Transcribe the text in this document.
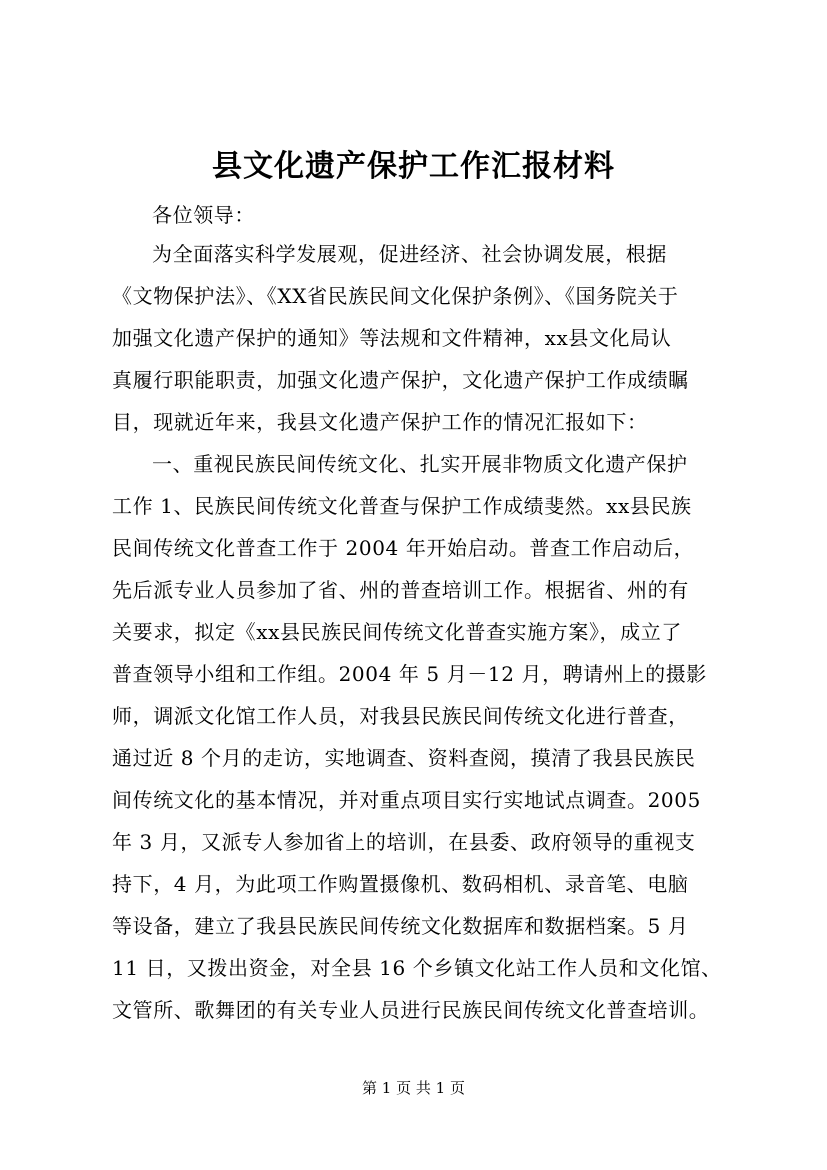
县文化遗产保护工作汇报材料
各位领导：
为全面落实科学发展观，促进经济、社会协调发展，根据
《文物保护法》、《XX省民族民间文化保护条例》、《国务院关于
加强文化遗产保护的通知》等法规和文件精神，xx县文化局认
真履行职能职责，加强文化遗产保护，文化遗产保护工作成绩瞩
目，现就近年来，我县文化遗产保护工作的情况汇报如下：
一、重视民族民间传统文化、扎实开展非物质文化遗产保护
工作 1、民族民间传统文化普查与保护工作成绩斐然。xx县民族
民间传统文化普查工作于 2004 年开始启动。普查工作启动后，
先后派专业人员参加了省、州的普查培训工作。根据省、州的有
关要求，拟定《xx县民族民间传统文化普查实施方案》，成立了
普查领导小组和工作组。2004 年 5 月－12 月，聘请州上的摄影
师，调派文化馆工作人员，对我县民族民间传统文化进行普查，
通过近 8 个月的走访，实地调查、资料查阅，摸清了我县民族民
间传统文化的基本情况，并对重点项目实行实地试点调查。2005
年 3 月，又派专人参加省上的培训，在县委、政府领导的重视支
持下，4 月，为此项工作购置摄像机、数码相机、录音笔、电脑
等设备，建立了我县民族民间传统文化数据库和数据档案。5 月
11 日，又拨出资金，对全县 16 个乡镇文化站工作人员和文化馆、
文管所、歌舞团的有关专业人员进行民族民间传统文化普查培训。
第 1 页 共 1 页
